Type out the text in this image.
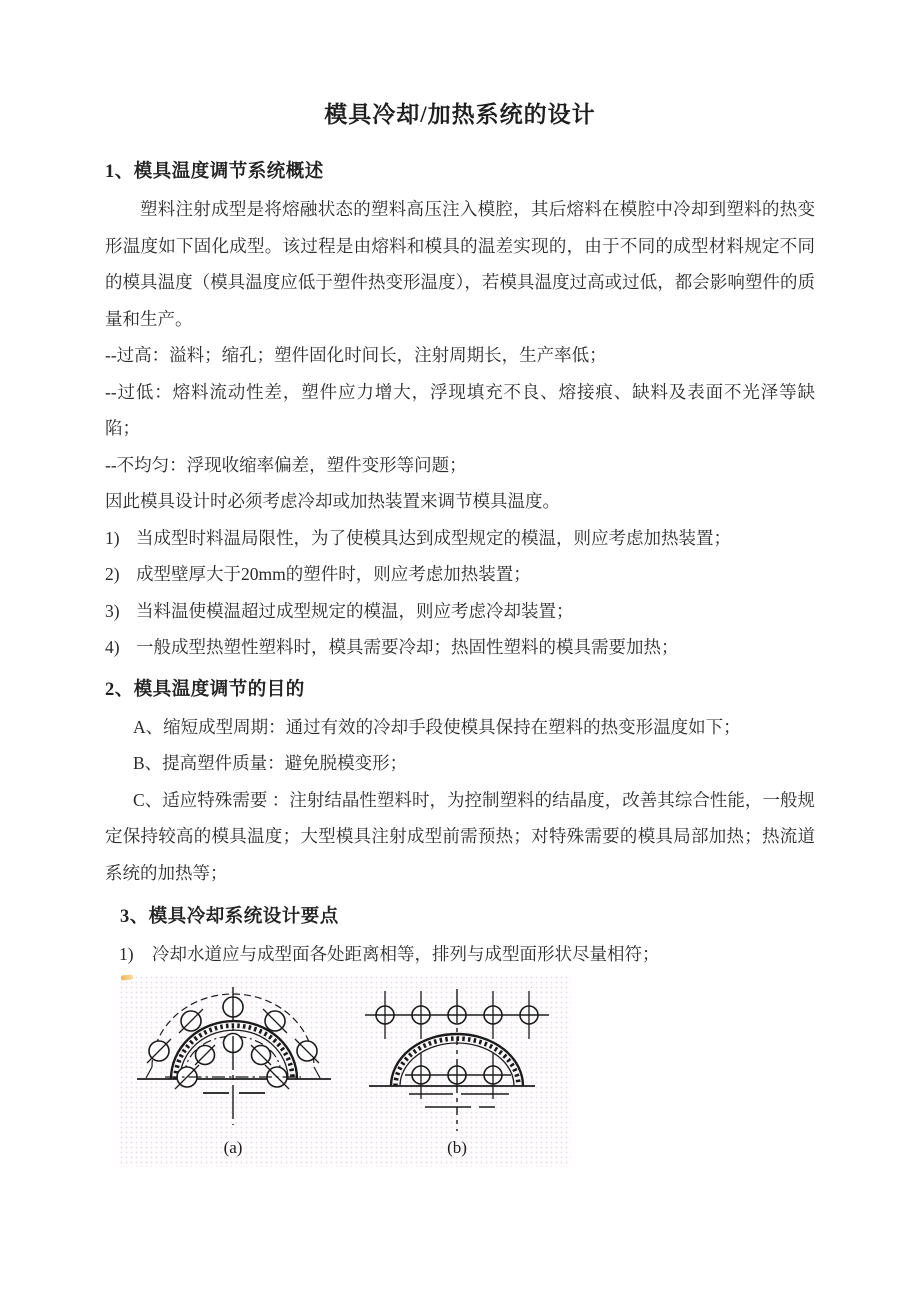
模具冷却/加热系统的设计

1、模具温度调节系统概述

塑料注射成型是将熔融状态的塑料高压注入模腔，其后熔料在模腔中冷却到塑料的热变形温度如下固化成型。该过程是由熔料和模具的温差实现的，由于不同的成型材料规定不同的模具温度（模具温度应低于塑件热变形温度），若模具温度过高或过低，都会影响塑件的质量和生产。

--过高：溢料；缩孔；塑件固化时间长，注射周期长，生产率低；

--过低：熔料流动性差，塑件应力增大，浮现填充不良、熔接痕、缺料及表面不光泽等缺陷；

--不均匀：浮现收缩率偏差，塑件变形等问题；

因此模具设计时必须考虑冷却或加热装置来调节模具温度。

1) 当成型时料温局限性，为了使模具达到成型规定的模温，则应考虑加热装置；

2) 成型壁厚大于20mm的塑件时，则应考虑加热装置；

3) 当料温使模温超过成型规定的模温，则应考虑冷却装置；

4) 一般成型热塑性塑料时，模具需要冷却；热固性塑料的模具需要加热；

2、模具温度调节的目的

A、缩短成型周期：通过有效的冷却手段使模具保持在塑料的热变形温度如下；

B、提高塑件质量：避免脱模变形；

C、适应特殊需要 ：注射结晶性塑料时，为控制塑料的结晶度，改善其综合性能，一般规定保持较高的模具温度；大型模具注射成型前需预热；对特殊需要的模具局部加热；热流道系统的加热等；

3、模具冷却系统设计要点

1) 冷却水道应与成型面各处距离相等，排列与成型面形状尽量相符；

(a)	(b)
